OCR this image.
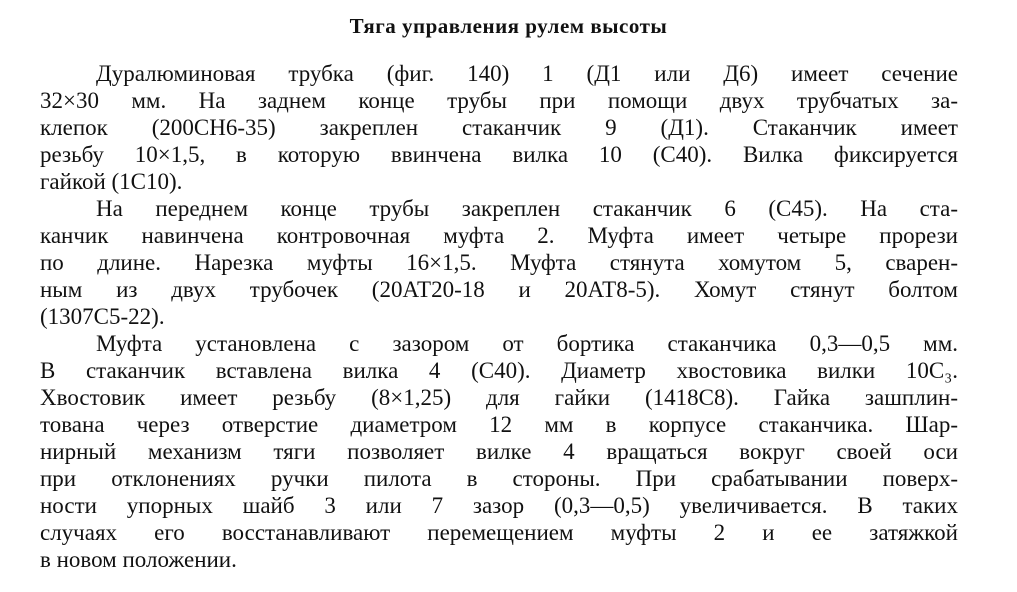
Тяга управления рулем высоты
Дуралюминовая трубка (фиг. 140) 1 (Д1 или Д6) имеет сечение
32×30 мм. На заднем конце трубы при помощи двух трубчатых за-
клепок (200СН6-35) закреплен стаканчик 9 (Д1). Стаканчик имеет
резьбу 10×1,5, в которую ввинчена вилка 10 (С40). Вилка фиксируется
гайкой (1С10).
На переднем конце трубы закреплен стаканчик 6 (С45). На ста-
канчик навинчена контровочная муфта 2. Муфта имеет четыре прорези
по длине. Нарезка муфты 16×1,5. Муфта стянута хомутом 5, сварен-
ным из двух трубочек (20АТ20-18 и 20АТ8-5). Хомут стянут болтом
(1307С5-22).
Муфта установлена с зазором от бортика стаканчика 0,3—0,5 мм.
В стаканчик вставлена вилка 4 (С40). Диаметр хвостовика вилки 10С₃.
Хвостовик имеет резьбу (8×1,25) для гайки (1418С8). Гайка зашплин-
тована через отверстие диаметром 12 мм в корпусе стаканчика. Шар-
нирный механизм тяги позволяет вилке 4 вращаться вокруг своей оси
при отклонениях ручки пилота в стороны. При срабатывании поверх-
ности упорных шайб 3 или 7 зазор (0,3—0,5) увеличивается. В таких
случаях его восстанавливают перемещением муфты 2 и ее затяжкой
в новом положении.
